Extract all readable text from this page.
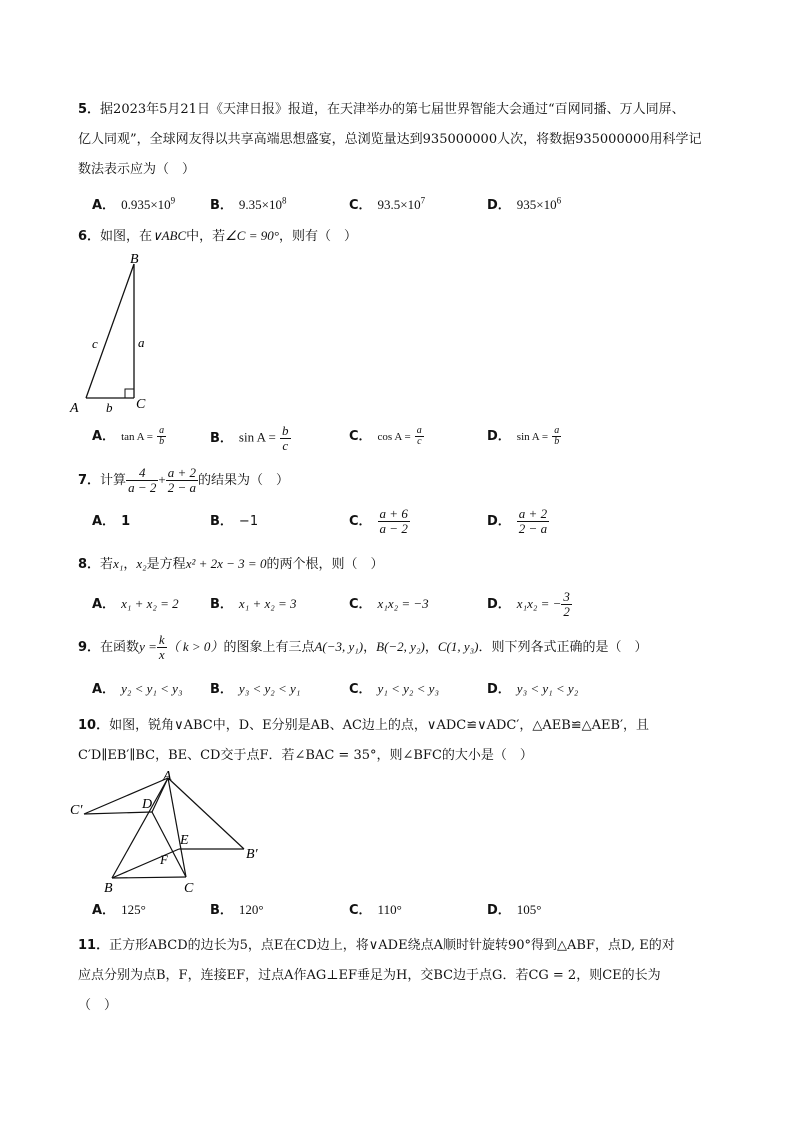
5．据2023年5月21日《天津日报》报道，在天津举办的第七届世界智能大会通过“百网同播、万人同屏、
亿人同观”，全球网友得以共享高端思想盛宴，总浏览量达到935000000人次，将数据935000000用科学记
数法表示应为（　）
A． $0.935\times 10^9$	B． $9.35\times 10^8$	C． $93.5\times 10^7$	D． $935\times 10^6$
6．如图，在∨ABC中，若∠C = 90°，则有（　）
B
A	C
c	a
b
A． $\tan A = \frac{a}{b}$	B． $\sin A = \frac{b}{c}$	C． $\cos A = \frac{a}{c}$	D． $\sin A = \frac{a}{b}$
7．计算 $\frac{4}{a - 2} + \frac{a + 2}{2 - a}$ 的结果为（　）
A． 1	B． −1	C． $\frac{a + 6}{a - 2}$	D． $\frac{a + 2}{2 - a}$
8．若x₁，x₂是方程x² + 2x − 3 = 0的两个根，则（　）
A． x₁ + x₂ = 2 B． x₁ + x₂ = 3	C． x₁x₂ = −3	D． x₁x₂ = − $\frac{3}{2}$
9．在函数$y = \frac{k}{x}$ （ k > 0）的图象上有三点A(−3, y₁)，B(−2, y₂)，C(1, y₃)．则下列各式正确的是（　）
A． y₂ < y₁ < y₃ B． y₃ < y₂ < y₁	C． y₁ < y₂ < y₃	D． y₃ < y₁ < y₂
10．如图，锐角∨ABC中，D、E分别是AB、AC边上的点，∨ADC≌∨ADC′，△AEB≌△AEB′，且
C′D∥EB′∥BC，BE、CD交于点F．若∠BAC = 35°，则∠BFC的大小是（　）
A
C′	D
E
B′
F
B	C
A． 125°	B． 120°	C． 110°	D． 105°
11．正方形ABCD的边长为5，点E在CD边上，将∨ADE绕点A顺时针旋转90°得到△ABF，点D, E的对
应点分别为点B，F，连接EF，过点A作AG⊥EF垂足为H，交BC边于点G．若CG = 2，则CE的长为
（　）
